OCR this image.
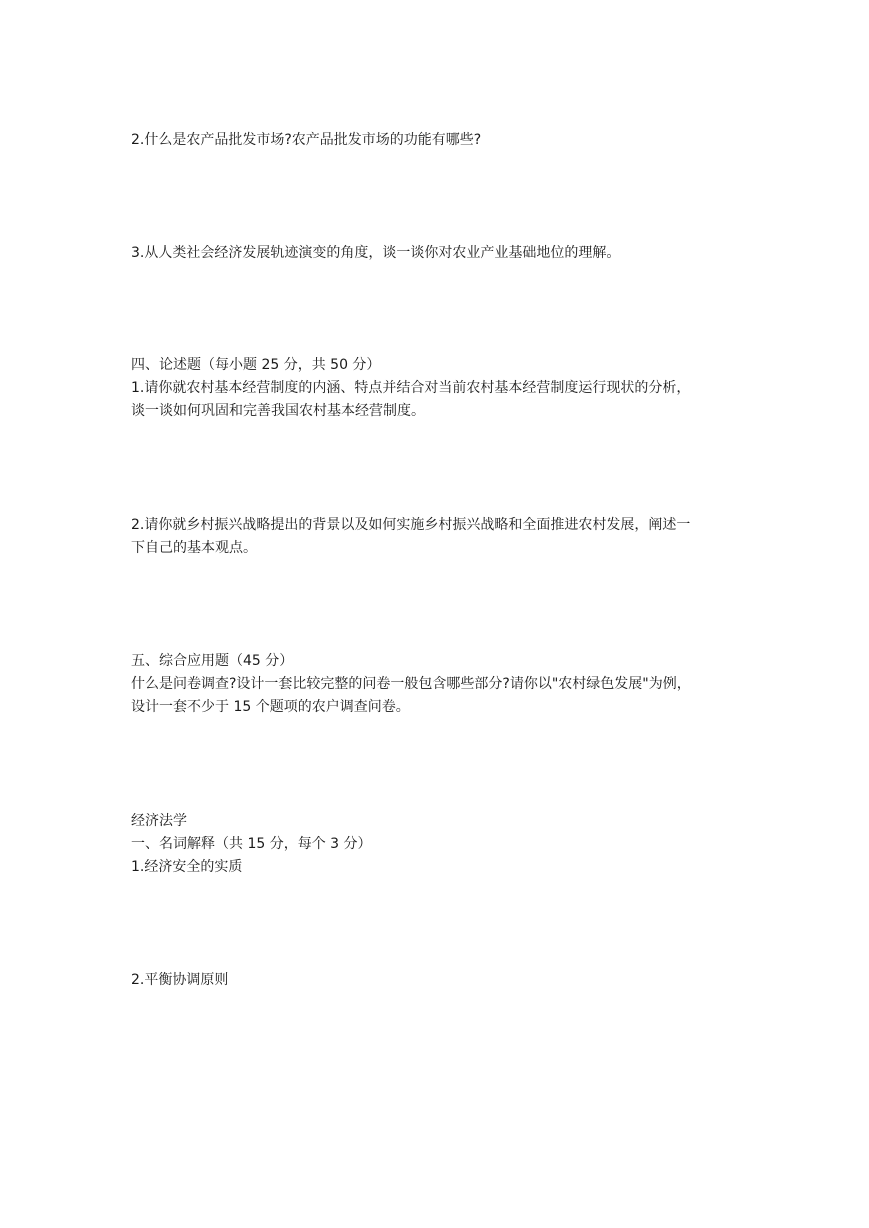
2.什么是农产品批发市场?农产品批发市场的功能有哪些?
3.从人类社会经济发展轨迹演变的角度，谈一谈你对农业产业基础地位的理解。
四、论述题（每小题 25 分，共 50 分）
1.请你就农村基本经营制度的内涵、特点并结合对当前农村基本经营制度运行现状的分析，
谈一谈如何巩固和完善我国农村基本经营制度。
2.请你就乡村振兴战略提出的背景以及如何实施乡村振兴战略和全面推进农村发展，阐述一
下自己的基本观点。
五、综合应用题（45 分）
什么是问卷调查?设计一套比较完整的问卷一般包含哪些部分?请你以"农村绿色发展"为例，
设计一套不少于 15 个题项的农户调查问卷。
经济法学
一、名词解释（共 15 分，每个 3 分）
1.经济安全的实质
2.平衡协调原则
